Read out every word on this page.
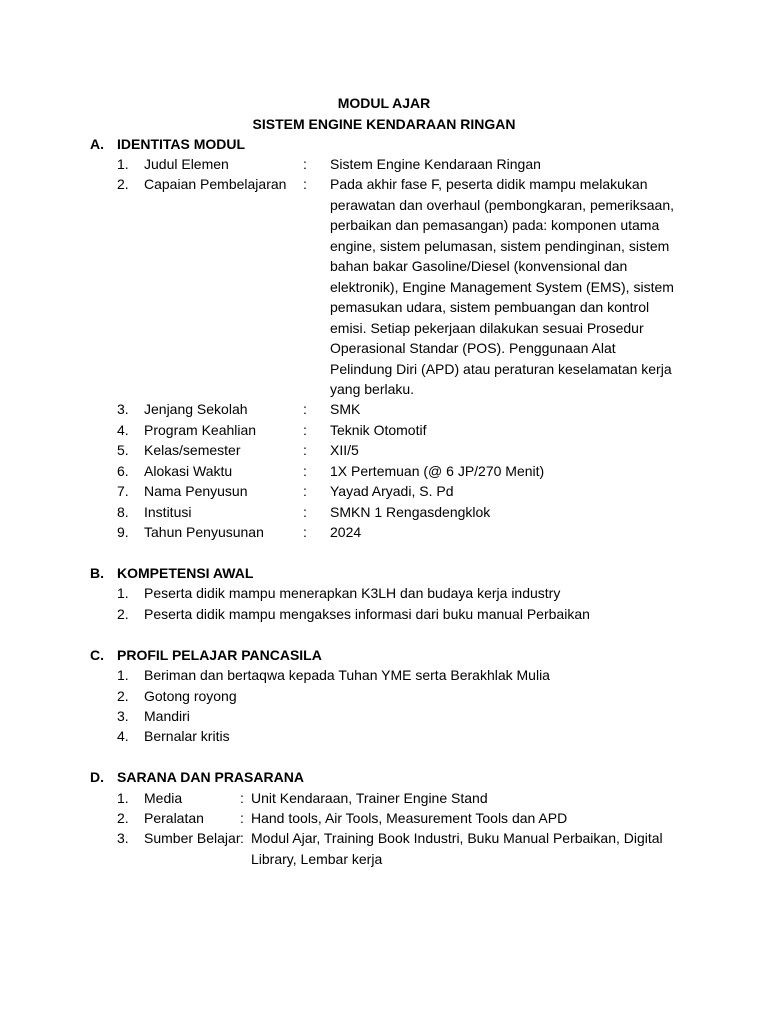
MODUL AJAR
SISTEM ENGINE KENDARAAN RINGAN
A. IDENTITAS MODUL
1. Judul Elemen	: Sistem Engine Kendaraan Ringan
2. Capaian Pembelajaran : Pada akhir fase F, peserta didik mampu melakukan perawatan dan overhaul (pembongkaran, pemeriksaan, perbaikan dan pemasangan) pada: komponen utama engine, sistem pelumasan, sistem pendinginan, sistem bahan bakar Gasoline/Diesel (konvensional dan elektronik), Engine Management System (EMS), sistem pemasukan udara, sistem pembuangan dan kontrol emisi. Setiap pekerjaan dilakukan sesuai Prosedur Operasional Standar (POS). Penggunaan Alat Pelindung Diri (APD) atau peraturan keselamatan kerja yang berlaku.
3. Jenjang Sekolah	: SMK
4. Program Keahlian	: Teknik Otomotif
5. Kelas/semester	: XII/5
6. Alokasi Waktu	: 1X Pertemuan (@ 6 JP/270 Menit)
7. Nama Penyusun	: Yayad Aryadi, S. Pd
8. Institusi	: SMKN 1 Rengasdengklok
9. Tahun Penyusunan	: 2024
B. KOMPETENSI AWAL
1. Peserta didik mampu menerapkan K3LH dan budaya kerja industry
2. Peserta didik mampu mengakses informasi dari buku manual Perbaikan
C. PROFIL PELAJAR PANCASILA
1. Beriman dan bertaqwa kepada Tuhan YME serta Berakhlak Mulia
2. Gotong royong
3. Mandiri
4. Bernalar kritis
D. SARANA DAN PRASARANA
1. Media	: Unit Kendaraan, Trainer Engine Stand
2. Peralatan	: Hand tools, Air Tools, Measurement Tools dan APD
3. Sumber Belajar : Modul Ajar, Training Book Industri, Buku Manual Perbaikan, Digital Library, Lembar kerja
